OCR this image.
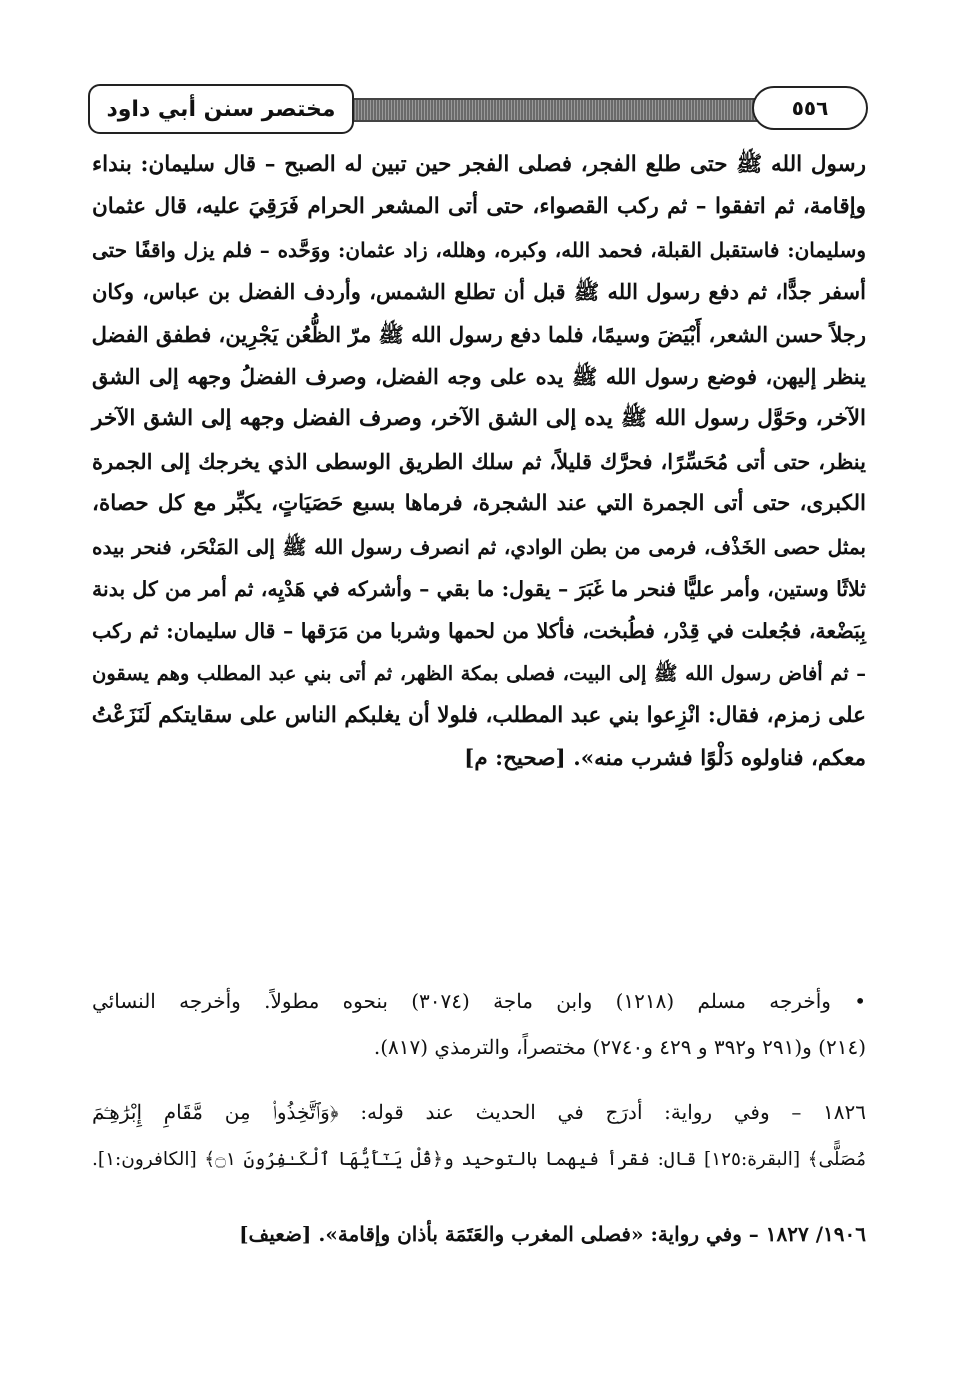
مختصر سنن أبي داود	٥٥٦
رسول الله ﷺ حتى طلع الفجر، فصلى الفجر حين تبين له الصبح – قال سليمان: بنداء
وإقامة، ثم اتفقوا – ثم ركب القصواء، حتى أتى المشعر الحرام فَرَقِيَ عليه، قال عثمان
وسليمان: فاستقبل القبلة، فحمد الله، وكبره، وهلله، زاد عثمان: ووَحَّده – فلم يزل واقفًا حتى
أسفر جدًّا، ثم دفع رسول الله ﷺ قبل أن تطلع الشمس، وأردف الفضل بن عباس، وكان
رجلاً حسن الشعر، أَبْيَضَ وسيمًا، فلما دفع رسول الله ﷺ مرّ الظُّعُن يَجْرِين، فطفق الفضل
ينظر إليهن، فوضع رسول الله ﷺ يده على وجه الفضل، وصرف الفضلُ وجهه إلى الشق
الآخر، وحَوَّل رسول الله ﷺ يده إلى الشق الآخر، وصرف الفضل وجهه إلى الشق الآخر
ينظر، حتى أتى مُحَسِّرًا، فحرَّك قليلاً، ثم سلك الطريق الوسطى الذي يخرجك إلى الجمرة
الكبرى، حتى أتى الجمرة التي عند الشجرة، فرماها بسبع حَصَيَاتٍ، يكبِّر مع كل حصاة،
بمثل حصى الخَذْف، فرمى من بطن الوادي، ثم انصرف رسول الله ﷺ إلى المَنْحَر، فنحر بيده
ثلاثًا وستين، وأمر عليًّا فنحر ما غَبَرَ – يقول: ما بقي – وأشركه في هَدْيِه، ثم أمر من كل بدنة
بِبَضْعة، فجُعلت في قِدْر، فطُبخت، فأكلا من لحمها وشربا من مَرَقها – قال سليمان: ثم ركب
– ثم أفاض رسول الله ﷺ إلى البيت، فصلى بمكة الظهر، ثم أتى بني عبد المطلب وهم يسقون
على زمزم، فقال: انْزِعوا بني عبد المطلب، فلولا أن يغلبكم الناس على سقايتكم لَنَزَعْتُ
معكم، فناولوه دَلْوًا فشرب منه». [صحيح: م]
• وأخرجه مسلم (١٢١٨) وابن ماجة (٣٠٧٤) بنحوه مطولاً. وأخرجه النسائي
(٢١٤) و(٢٩١ و٣٩٢ و ٤٢٩ و٢٧٤٠) مختصراً، والترمذي (٨١٧).
١٨٢٦ – وفي رواية: أدرَج في الحديث عند قوله: ﴿وَٱتَّخِذُوا۟ مِن مَّقَامِ إِبْرَٰهِـۧمَ
مُصَلًّى﴾ [البقرة:١٢٥] قال: فقرأ فيهما بالتوحيد و﴿قُلْ يَـٰٓأَيُّهَا ٱلْكَـٰفِرُونَ ۝١﴾ [الكافرون:١].
١٩٠٦/ ١٨٢٧ – وفي رواية: «فصلى المغرب والعَتَمَة بأذان وإقامة». [ضعيف]
